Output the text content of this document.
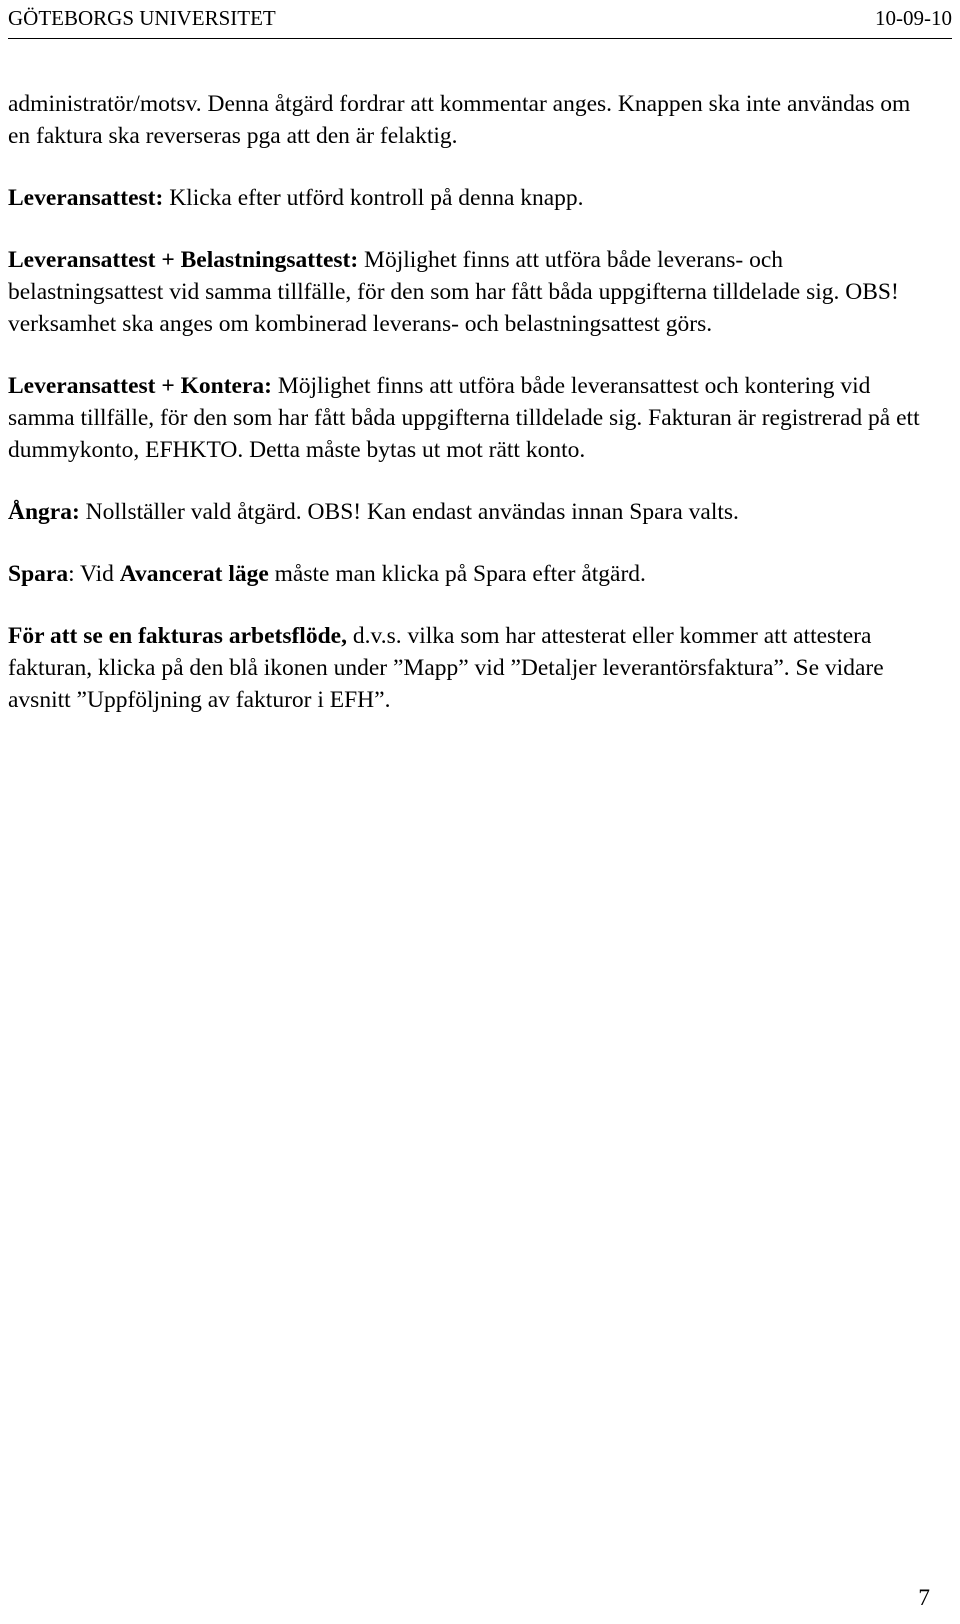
GÖTEBORGS UNIVERSITET	10-09-10

administratör/motsv. Denna åtgärd fordrar att kommentar anges. Knappen ska inte användas om en faktura ska reverseras pga att den är felaktig.

Leveransattest: Klicka efter utförd kontroll på denna knapp.

Leveransattest + Belastningsattest: Möjlighet finns att utföra både leverans- och belastningsattest vid samma tillfälle, för den som har fått båda uppgifterna tilldelade sig. OBS! verksamhet ska anges om kombinerad leverans- och belastningsattest görs.

Leveransattest + Kontera: Möjlighet finns att utföra både leveransattest och kontering vid samma tillfälle, för den som har fått båda uppgifterna tilldelade sig. Fakturan är registrerad på ett dummykonto, EFHKTO. Detta måste bytas ut mot rätt konto.

Ångra: Nollställer vald åtgärd. OBS! Kan endast användas innan Spara valts.

Spara: Vid Avancerat läge måste man klicka på Spara efter åtgärd.

För att se en fakturas arbetsflöde, d.v.s. vilka som har attesterat eller kommer att attestera fakturan, klicka på den blå ikonen under ”Mapp” vid ”Detaljer leverantörsfaktura”. Se vidare avsnitt ”Uppföljning av fakturor i EFH”.

7
